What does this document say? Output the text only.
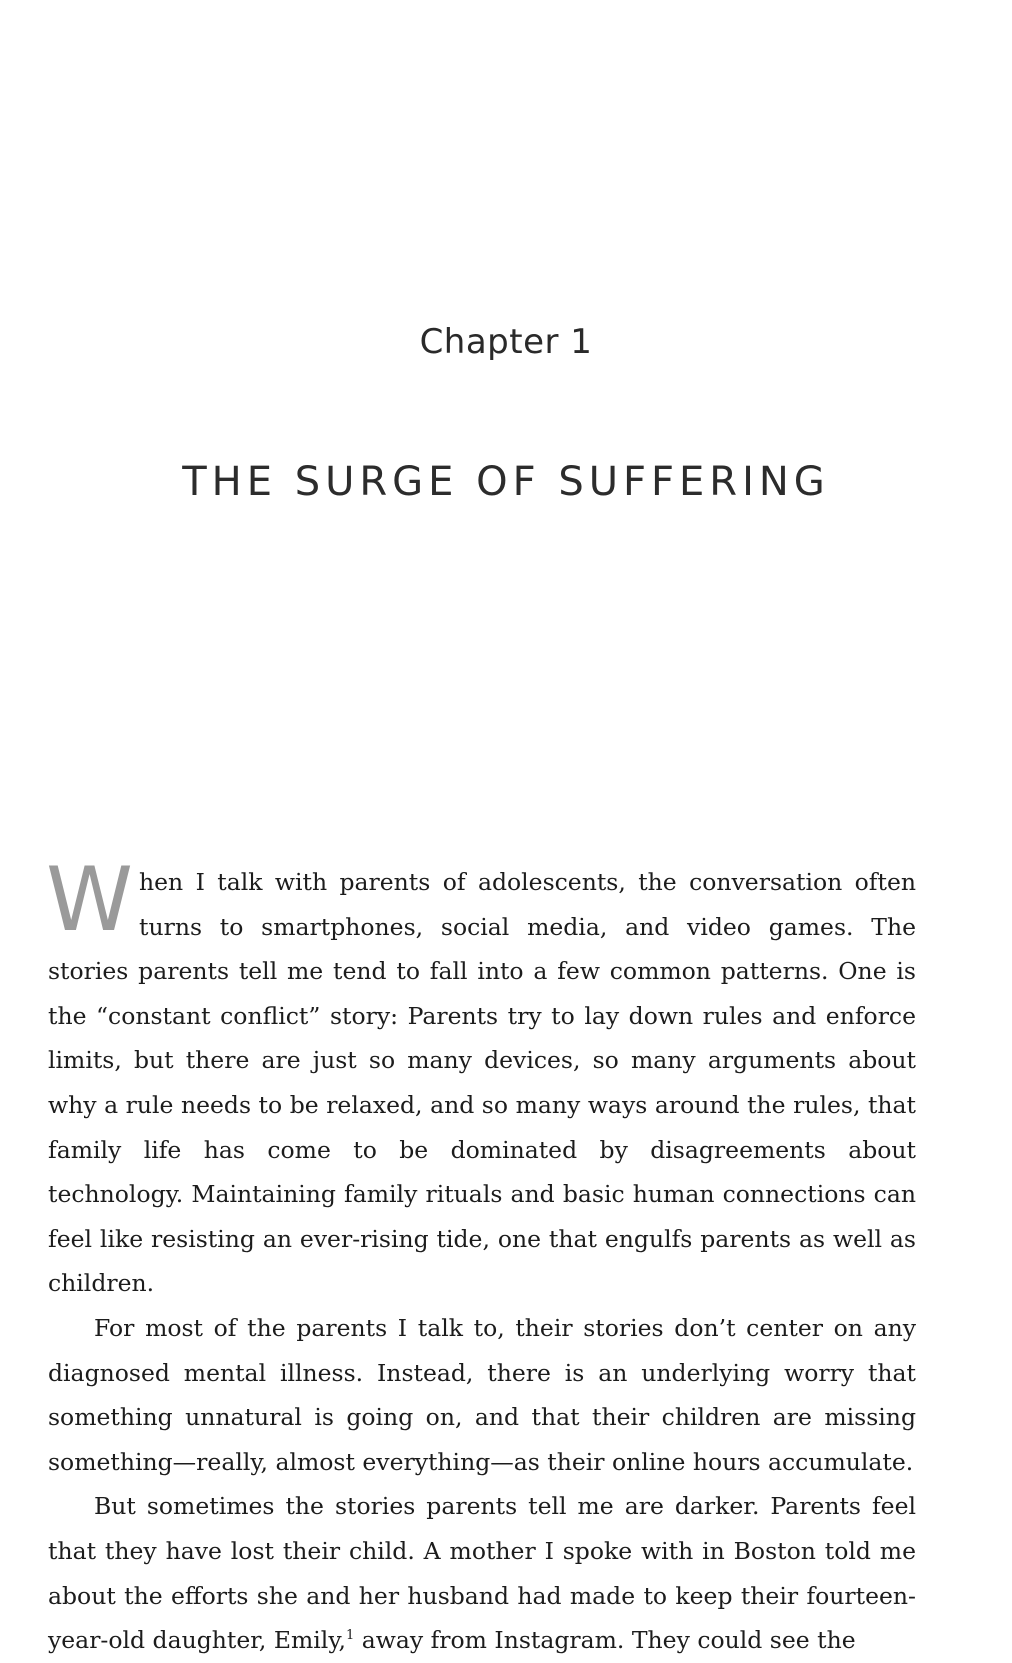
Chapter 1
THE SURGE OF SUFFERING

When I talk with parents of adolescents, the conversation often turns to smartphones, social media, and video games. The stories parents tell me tend to fall into a few common patterns. One is the “constant conflict” story: Parents try to lay down rules and enforce limits, but there are just so many devices, so many arguments about why a rule needs to be relaxed, and so many ways around the rules, that family life has come to be dominated by disagreements about technology. Maintaining family rituals and basic human connections can feel like resisting an ever-rising tide, one that engulfs parents as well as children.

For most of the parents I talk to, their stories don’t center on any diagnosed mental illness. Instead, there is an underlying worry that something unnatural is going on, and that their children are missing something—really, almost everything—as their online hours accumulate.

But sometimes the stories parents tell me are darker. Parents feel that they have lost their child. A mother I spoke with in Boston told me about the efforts she and her husband had made to keep their fourteen-year-old daughter, Emily,$^1$ away from Instagram. They could see the
